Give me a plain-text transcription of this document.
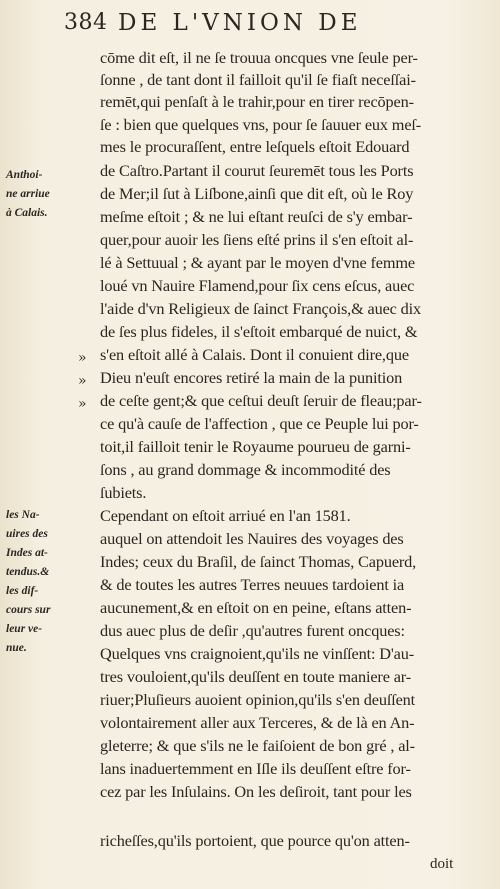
384 DE L'VNION DE
Anthoi-
ne arriue
à Calais.
les Na-
uires des
Indes at-
tendus.&
les dif-
cours sur
leur ve-
nue.
»
»
»
cōme dit eſt, il ne ſe trouua oncques vne ſeule per-
ſonne , de tant dont il failloit qu'il ſe fiaſt neceſſai-
remēt,qui penſaſt à le trahir,pour en tirer recōpen-
ſe : bien que quelques vns, pour ſe ſauuer eux meſ-
mes le procuraſſent, entre leſquels eſtoit Edouard
de Caſtro.Partant il courut ſeuremēt tous les Ports
de Mer;il ſut à Liſbone,ainſi que dit eſt, où le Roy
meſme eſtoit ; & ne lui eſtant reuſci de s'y embar-
quer,pour auoir les ſiens eſté prins il s'en eſtoit al-
lé à Settuual ; & ayant par le moyen d'vne femme
loué vn Nauire Flamend,pour ſix cens eſcus, auec
l'aide d'vn Religieux de ſainct François,& auec dix
de ſes plus fideles, il s'eſtoit embarqué de nuict, &
s'en eſtoit allé à Calais. Dont il conuient dire,que
Dieu n'euſt encores retiré la main de la punition
de ceſte gent;& que ceſtui deuſt ſeruir de fleau;par-
ce qu'à cauſe de l'affection , que ce Peuple lui por-
toit,il failloit tenir le Royaume pourueu de garni-
ſons , au grand dommage & incommodité des
ſubiets.
Cependant on eſtoit arriué en l'an 1581.
auquel on attendoit les Nauires des voyages des
Indes; ceux du Braſil, de ſainct Thomas, Capuerd,
& de toutes les autres Terres neuues tardoient ia
aucunement,& en eſtoit on en peine, eſtans atten-
dus auec plus de deſir ,qu'autres furent oncques:
Quelques vns craignoient,qu'ils ne vinſſent: D'au-
tres vouloient,qu'ils deuſſent en toute maniere ar-
riuer;Pluſieurs auoient opinion,qu'ils s'en deuſſent
volontairement aller aux Terceres, & de là en An-
gleterre; & que s'ils ne le faiſoient de bon gré , al-
lans inaduertemment en Iſle ils deuſſent eſtre for-
cez par les Inſulains. On les deſiroit, tant pour les
richeſſes,qu'ils portoient, que pource qu'on atten-
doit
